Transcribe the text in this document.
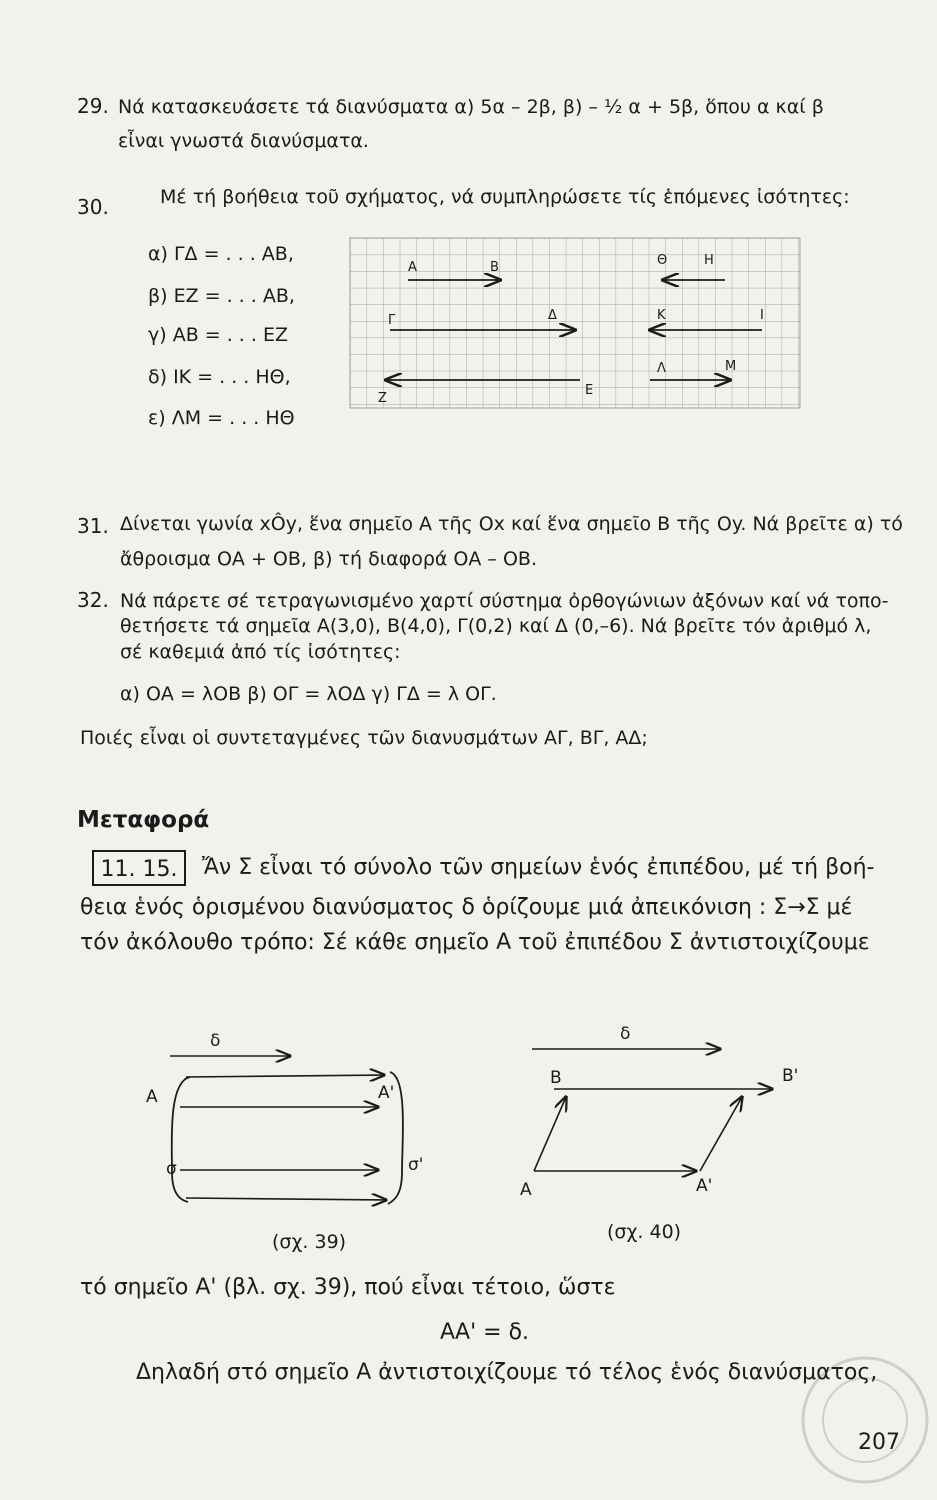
29. Νά κατασκευάσετε τά διανύσματα α) 5α – 2β, β) – ½ α + 5β, ὅπου α καί β
εἶναι γνωστά διανύσματα.
30.	Μέ τή βοήθεια τοῦ σχήματος, νά συμπληρώσετε τίς ἑπόμενες ἰσότητες:
α) ΓΔ = . . . ΑΒ,
β) ΕΖ = . . . ΑΒ,
γ) ΑΒ = . . . ΕΖ
δ) ΙΚ = . . . ΗΘ,
ε) ΛΜ = . . . ΗΘ
Α	Β	Θ	Η
Γ	Δ	Κ	Ι
Λ	Μ
Ζ
Ε
31. Δίνεται γωνία xÔy, ἕνα σημεῖο Α τῆς Οx καί ἕνα σημεῖο Β τῆς Οy. Νά βρεῖτε α) τό
ἄθροισμα ΟΑ + ΟΒ, β) τή διαφορά ΟΑ – ΟΒ.
32. Νά πάρετε σέ τετραγωνισμένο χαρτί σύστημα ὀρθογώνιων ἀξόνων καί νά τοπο-
θετήσετε τά σημεῖα Α(3,0), Β(4,0), Γ(0,2) καί Δ (0,–6). Νά βρεῖτε τόν ἀριθμό λ,
σέ καθεμιά ἀπό τίς ἰσότητες:
α) ΟΑ = λΟΒ β) ΟΓ = λΟΔ γ) ΓΔ = λ ΟΓ.
Ποιές εἶναι οἱ συντεταγμένες τῶν διανυσμάτων ΑΓ, ΒΓ, ΑΔ;
Μεταφορά
11. 15.	Ἄν Σ εἶναι τό σύνολο τῶν σημείων ἑνός ἐπιπέδου, μέ τή βοή-
θεια ἑνός ὁρισμένου διανύσματος δ ὁρίζουμε μιά ἀπεικόνιση : Σ→Σ μέ
τόν ἀκόλουθο τρόπο: Σέ κάθε σημεῖο Α τοῦ ἐπιπέδου Σ ἀντιστοιχίζουμε
δ
Α	Α'
σ	σ'
(σχ. 39)
δ
Β	Β'
Α	Α'
(σχ. 40)
τό σημεῖο Α' (βλ. σχ. 39), πού εἶναι τέτοιο, ὥστε
ΑΑ' = δ.
Δηλαδή στό σημεῖο Α ἀντιστοιχίζουμε τό τέλος ἑνός διανύσματος,
207
